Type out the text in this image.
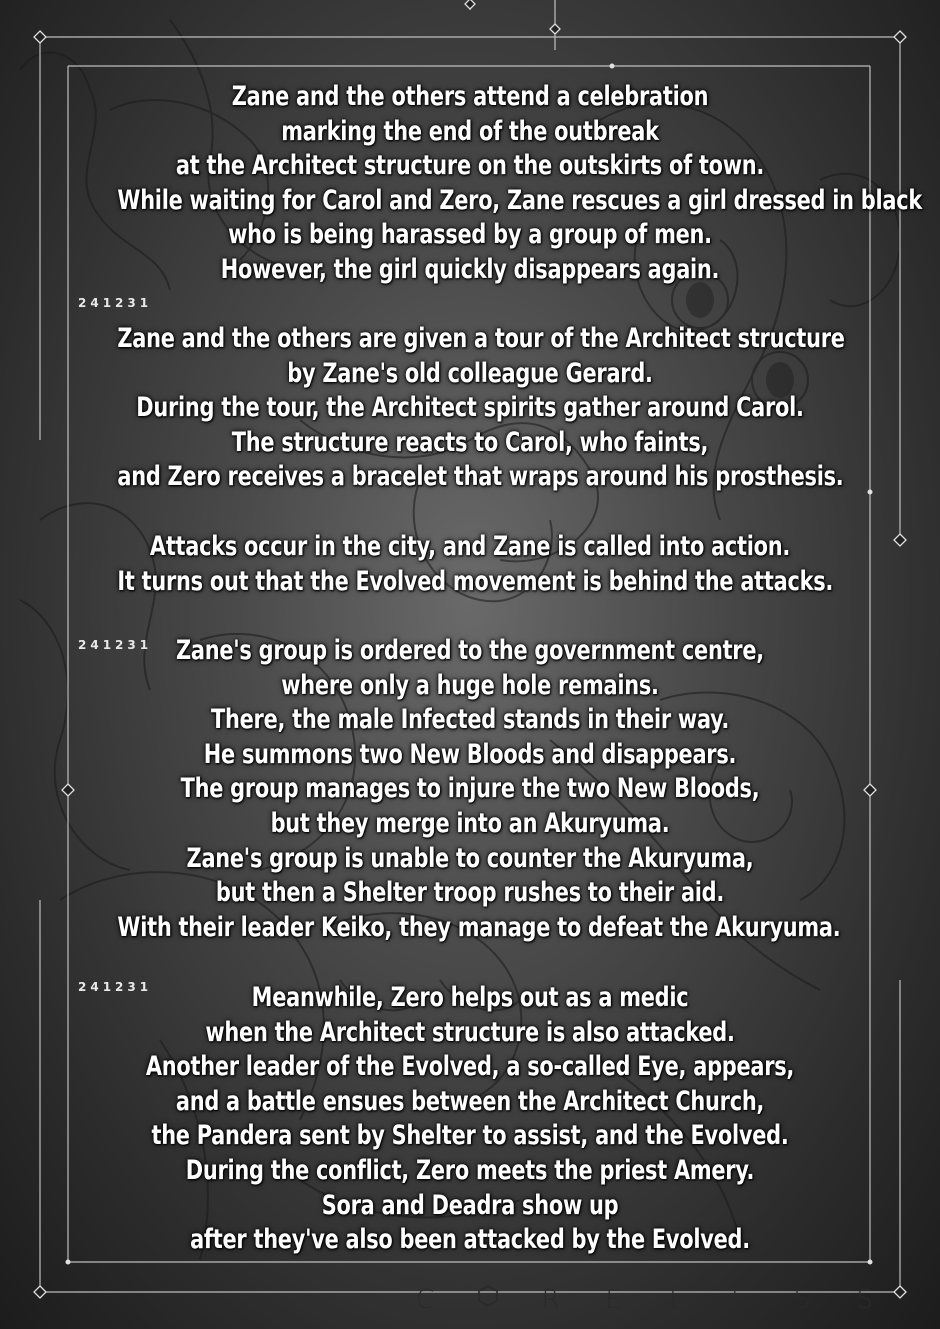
Zane and the others attend a celebration
marking the end of the outbreak
at the Architect structure on the outskirts of town.
While waiting for Carol and Zero, Zane rescues a girl dressed in black
who is being harassed by a group of men.
However, the girl quickly disappears again.
241231
Zane and the others are given a tour of the Architect structure
by Zane's old colleague Gerard.
During the tour, the Architect spirits gather around Carol.
The structure reacts to Carol, who faints,
and Zero receives a bracelet that wraps around his prosthesis.
Attacks occur in the city, and Zane is called into action.
It turns out that the Evolved movement is behind the attacks.
241231 Zane's group is ordered to the government centre,
where only a huge hole remains.
There, the male Infected stands in their way.
He summons two New Bloods and disappears.
The group manages to injure the two New Bloods,
but they merge into an Akuryuma.
Zane's group is unable to counter the Akuryuma,
but then a Shelter troop rushes to their aid.
With their leader Keiko, they manage to defeat the Akuryuma.
241231	Meanwhile, Zero helps out as a medic
when the Architect structure is also attacked.
Another leader of the Evolved, a so-called Eye, appears,
and a battle ensues between the Architect Church,
the Pandera sent by Shelter to assist, and the Evolved.
During the conflict, Zero meets the priest Amery.
Sora and Deadra show up
after they've also been attacked by the Evolved.
C	R E L E S S
